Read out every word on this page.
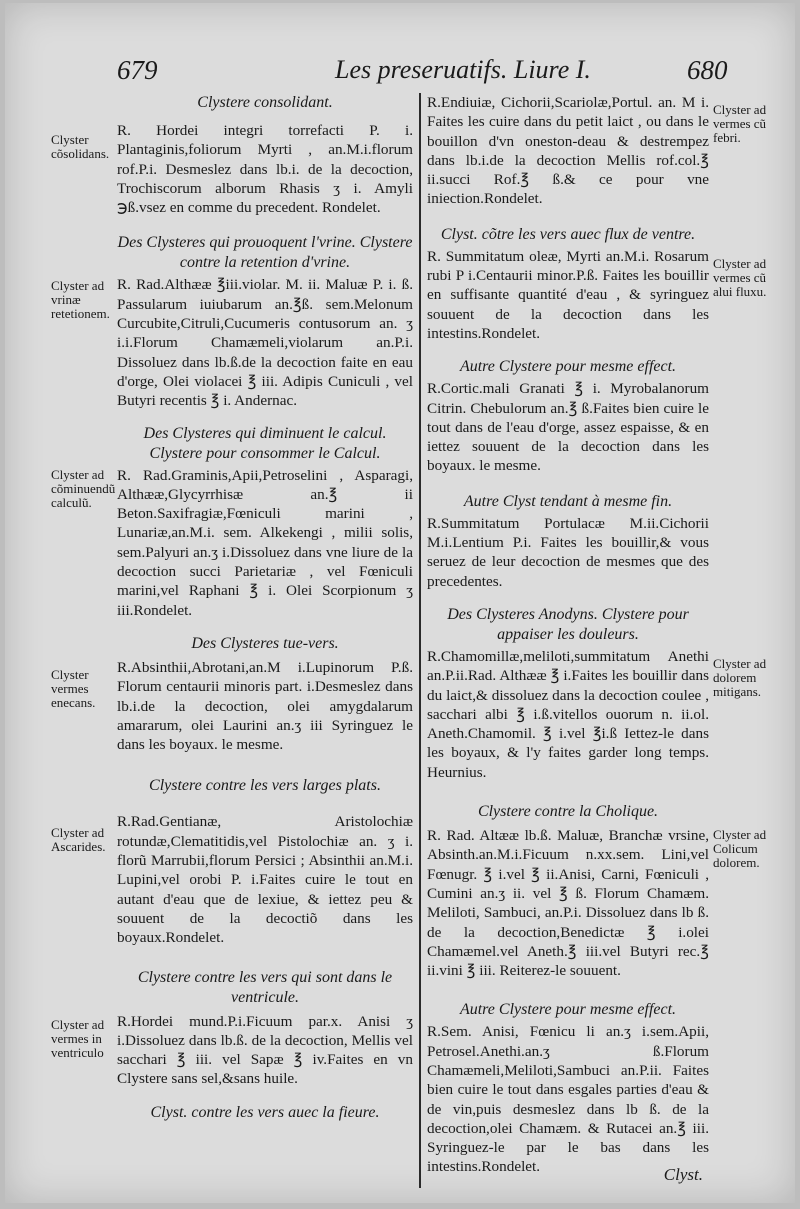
679	Les preseruatifs. Liure I.	680

Clystere consolidant.

Clyster cõsolidans.

R. Hordei integri torrefacti P. i. Plantaginis,foliorum Myrti , an.M.i.florum rof.P.i. Desmeslez dans lb.i. de la decoction, Trochiscorum alborum Rhasis ʒ i. Amyli ℈ß.vsez en comme du precedent. Rondelet.

Des Clysteres qui prouoquent l'vrine. Clystere contre la retention d'vrine.

Clyster ad vrinæ retetionem.

R. Rad.Althææ ℥iii.violar. M. ii. Maluæ P. i. ß. Passularum iuiubarum an.℥ß. sem.Melonum Curcubite,Citruli,Cucumeris contusorum an. ʒ i.i.Florum Chamæmeli,violarum an.P.i. Dissoluez dans lb.ß.de la decoction faite en eau d'orge, Olei violacei ℥ iii. Adipis Cuniculi , vel Butyri recentis ℥ i. Andernac.

Des Clysteres qui diminuent le calcul. Clystere pour consommer le Calcul.

Clyster ad cõminuendũ calculũ.

R. Rad.Graminis,Apii,Petroselini , Asparagi, Althææ,Glycyrrhisæ an.℥ ii Beton.Saxifragiæ,Fœniculi marini , Lunariæ,an.M.i. sem. Alkekengi , milii solis, sem.Palyuri an.ʒ i.Dissoluez dans vne liure de la decoction succi Parietariæ , vel Fœniculi marini,vel Raphani ℥ i. Olei Scorpionum ʒ iii.Rondelet.

Des Clysteres tue-vers.

Clyster vermes enecans.

R.Absinthii,Abrotani,an.M i.Lupinorum P.ß. Florum centaurii minoris part. i.Desmeslez dans lb.i.de la decoction, olei amygdalarum amararum, olei Laurini an.ʒ iii Syringuez le dans les boyaux. le mesme.

Clystere contre les vers larges plats.

Clyster ad Ascarides.

R.Rad.Gentianæ, Aristolochiæ rotundæ,Clematitidis,vel Pistolochiæ an. ʒ i. florũ Marrubii,florum Persici ; Absinthii an.M.i. Lupini,vel orobi P. i.Faites cuire le tout en autant d'eau que de lexiue, & iettez peu & souuent de la decoctiõ dans les boyaux.Rondelet.

Clystere contre les vers qui sont dans le ventricule.

Clyster ad vermes in ventriculo

R.Hordei mund.P.i.Ficuum par.x. Anisi ʒ i.Dissoluez dans lb.ß. de la decoction, Mellis vel sacchari ℥ iii. vel Sapæ ℥ iv.Faites en vn Clystere sans sel,&sans huile.

Clyst. contre les vers auec la fieure.

Clyster ad vermes cũ febri.

R.Endiuiæ, Cichorii,Scariolæ,Portul. an. M i. Faites les cuire dans du petit laict , ou dans le bouillon d'vn oneston-deau & destrempez dans lb.i.de la decoction Mellis rof.col.℥ ii.succi Rof.℥ ß.& ce pour vne iniection.Rondelet.

Clyst. cõtre les vers auec flux de ventre.

Clyster ad vermes cũ alui fluxu.

R. Summitatum oleæ, Myrti an.M.i. Rosarum rubi P i.Centaurii minor.P.ß. Faites les bouillir en suffisante quantité d'eau , & syringuez souuent de la decoction dans les intestins.Rondelet.

Autre Clystere pour mesme effect.

R.Cortic.mali Granati ℥ i. Myrobalanorum Citrin. Chebulorum an.℥ ß.Faites bien cuire le tout dans de l'eau d'orge, assez espaisse, & en iettez souuent de la decoction dans les boyaux. le mesme.

Autre Clyst tendant à mesme fin.

R.Summitatum Portulacæ M.ii.Cichorii M.i.Lentium P.i. Faites les bouillir,& vous seruez de leur decoction de mesmes que des precedentes.

Des Clysteres Anodyns. Clystere pour appaiser les douleurs.

Clyster ad dolorem mitigans.

R.Chamomillæ,meliloti,summitatum Anethi an.P.ii.Rad. Althææ ℥ i.Faites les bouillir dans du laict,& dissoluez dans la decoction coulee , sacchari albi ℥ i.ß.vitellos ouorum n. ii.ol. Aneth.Chamomil. ℥ i.vel ℥i.ß Iettez-le dans les boyaux, & l'y faites garder long temps. Heurnius.

Clystere contre la Cholique.

Clyster ad Colicum dolorem.

R. Rad. Altææ lb.ß. Maluæ, Branchæ vrsine, Absinth.an.M.i.Ficuum n.xx.sem. Lini,vel Fœnugr. ℥ i.vel ℥ ii.Anisi, Carni, Fœniculi , Cumini an.ʒ ii. vel ℥ ß. Florum Chamæm. Meliloti, Sambuci, an.P.i. Dissoluez dans lb ß. de la decoction,Benedictæ ℥ i.olei Chamæmel.vel Aneth.℥ iii.vel Butyri rec.℥ ii.vini ℥ iii. Reiterez-le souuent.

Autre Clystere pour mesme effect.

R.Sem. Anisi, Fœnicu li an.ʒ i.sem.Apii, Petrosel.Anethi.an.ʒ ß.Florum Chamæmeli,Meliloti,Sambuci an.P.ii. Faites bien cuire le tout dans esgales parties d'eau & de vin,puis desmeslez dans lb ß. de la decoction,olei Chamæm. & Rutacei an.℥ iii. Syringuez-le par le bas dans les intestins.Rondelet.	Clyst.
